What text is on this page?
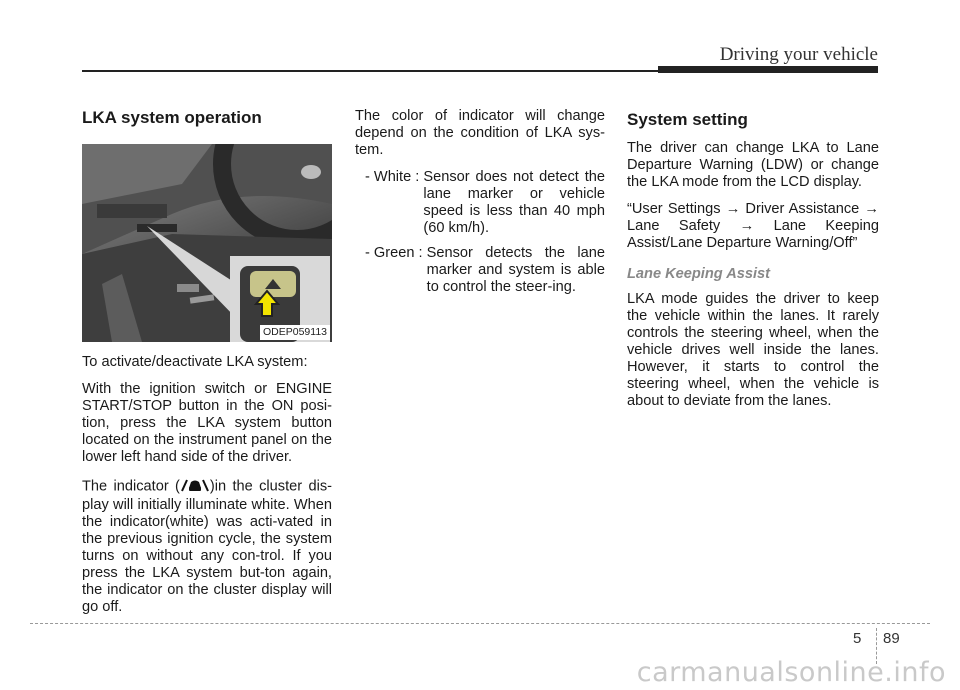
Driving your vehicle
LKA system operation
ODEP059113

To activate/deactivate LKA system:

With the ignition switch or ENGINE START/STOP button in the ON posi-tion, press the LKA system button located on the instrument panel on the lower left hand side of the driver.

The indicator ( )in the cluster dis-play will initially illuminate white. When the indicator(white) was acti-vated in the previous ignition cycle, the system turns on without any con-trol. If you press the LKA system but-ton again, the indicator on the cluster display will go off.

The color of indicator will change depend on the condition of LKA sys-tem.

- White : Sensor does not detect the lane marker or vehicle speed is less than 40 mph (60 km/h).
- Green : Sensor detects the lane marker and system is able to control the steer-ing.
System setting

The driver can change LKA to Lane Departure Warning (LDW) or change the LKA mode from the LCD display.

“User Settings → Driver Assistance → Lane Safety → Lane Keeping Assist/Lane Departure Warning/Off”

Lane Keeping Assist

LKA mode guides the driver to keep the vehicle within the lanes. It rarely controls the steering wheel, when the vehicle drives well inside the lanes. However, it starts to control the steering wheel, when the vehicle is about to deviate from the lanes.

5 89
carmanualsonline.info
